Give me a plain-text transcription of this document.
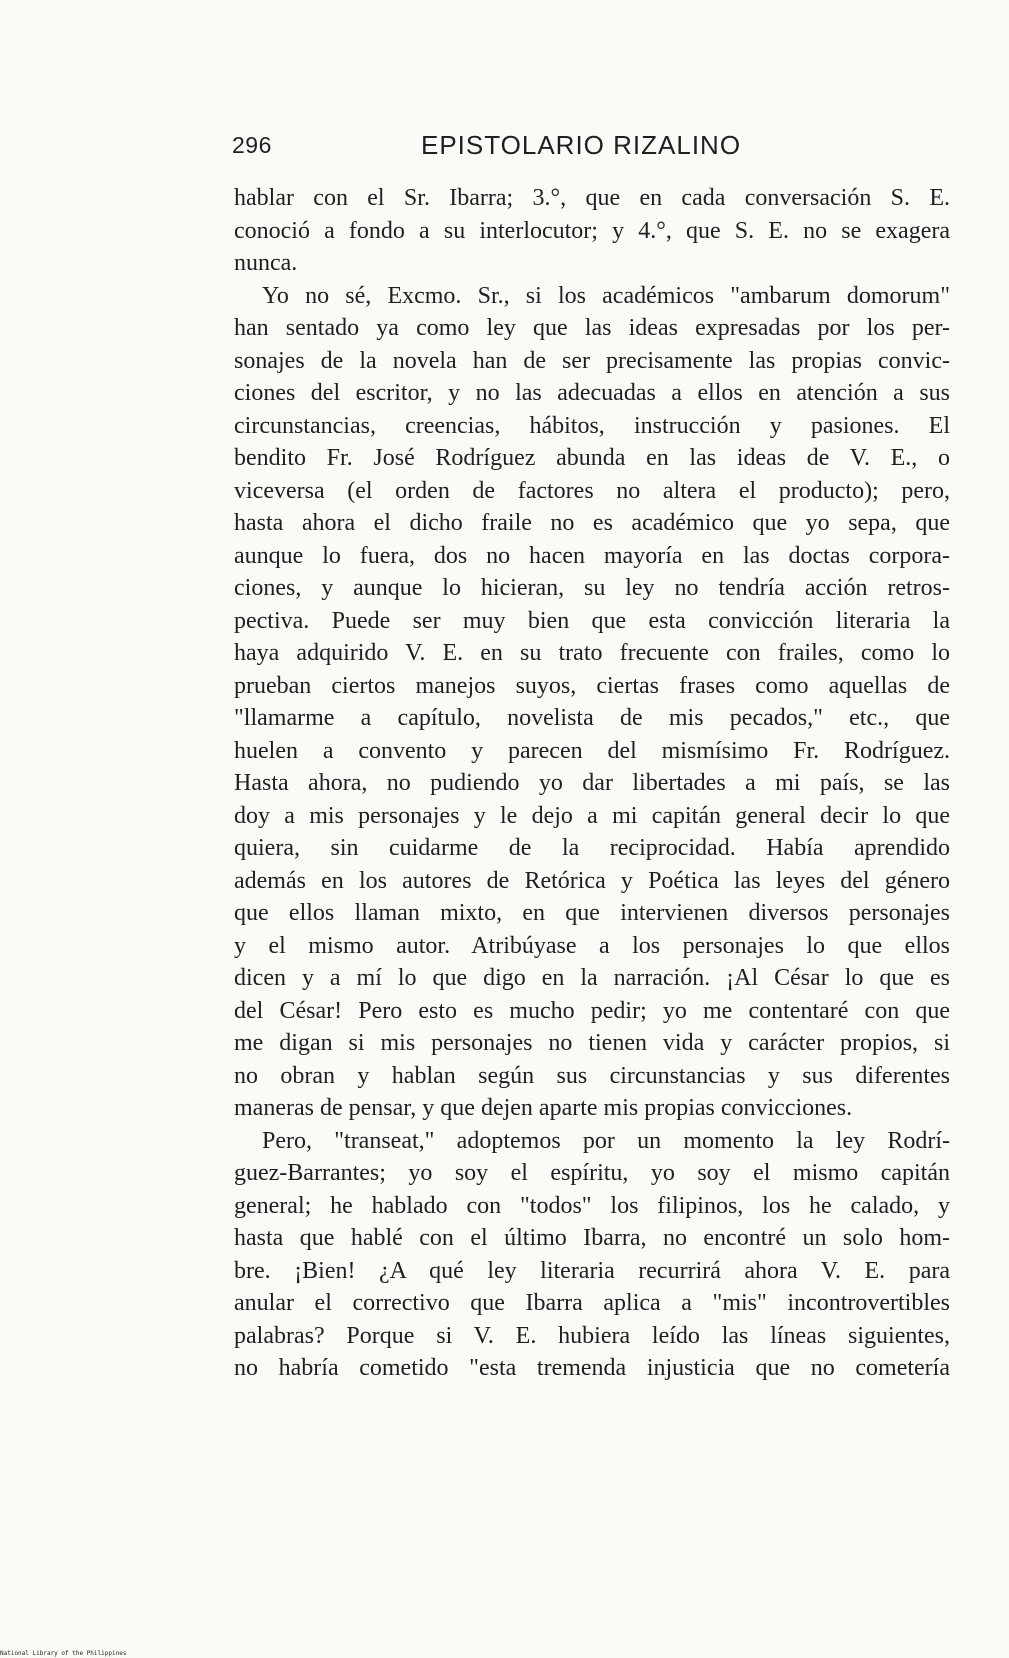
296	EPISTOLARIO RIZALINO
hablar con el Sr. Ibarra; 3.°, que en cada conversación S. E.
conoció a fondo a su interlocutor; y 4.°, que S. E. no se exagera
nunca.
Yo no sé, Excmo. Sr., si los académicos "ambarum domorum"
han sentado ya como ley que las ideas expresadas por los per-
sonajes de la novela han de ser precisamente las propias convic-
ciones del escritor, y no las adecuadas a ellos en atención a sus
circunstancias, creencias, hábitos, instrucción y pasiones. El
bendito Fr. José Rodríguez abunda en las ideas de V. E., o
viceversa (el orden de factores no altera el producto); pero,
hasta ahora el dicho fraile no es académico que yo sepa, que
aunque lo fuera, dos no hacen mayoría en las doctas corpora-
ciones, y aunque lo hicieran, su ley no tendría acción retros-
pectiva. Puede ser muy bien que esta convicción literaria la
haya adquirido V. E. en su trato frecuente con frailes, como lo
prueban ciertos manejos suyos, ciertas frases como aquellas de
"llamarme a capítulo, novelista de mis pecados," etc., que
huelen a convento y parecen del mismísimo Fr. Rodríguez.
Hasta ahora, no pudiendo yo dar libertades a mi país, se las
doy a mis personajes y le dejo a mi capitán general decir lo que
quiera, sin cuidarme de la reciprocidad. Había aprendido
además en los autores de Retórica y Poética las leyes del género
que ellos llaman mixto, en que intervienen diversos personajes
y el mismo autor. Atribúyase a los personajes lo que ellos
dicen y a mí lo que digo en la narración. ¡Al César lo que es
del César! Pero esto es mucho pedir; yo me contentaré con que
me digan si mis personajes no tienen vida y carácter propios, si
no obran y hablan según sus circunstancias y sus diferentes
maneras de pensar, y que dejen aparte mis propias convicciones.
Pero, "transeat," adoptemos por un momento la ley Rodrí-
guez-Barrantes; yo soy el espíritu, yo soy el mismo capitán
general; he hablado con "todos" los filipinos, los he calado, y
hasta que hablé con el último Ibarra, no encontré un solo hom-
bre. ¡Bien! ¿A qué ley literaria recurrirá ahora V. E. para
anular el correctivo que Ibarra aplica a "mis" incontrovertibles
palabras? Porque si V. E. hubiera leído las líneas siguientes,
no habría cometido "esta tremenda injusticia que no cometería
National Library of the Philippines
